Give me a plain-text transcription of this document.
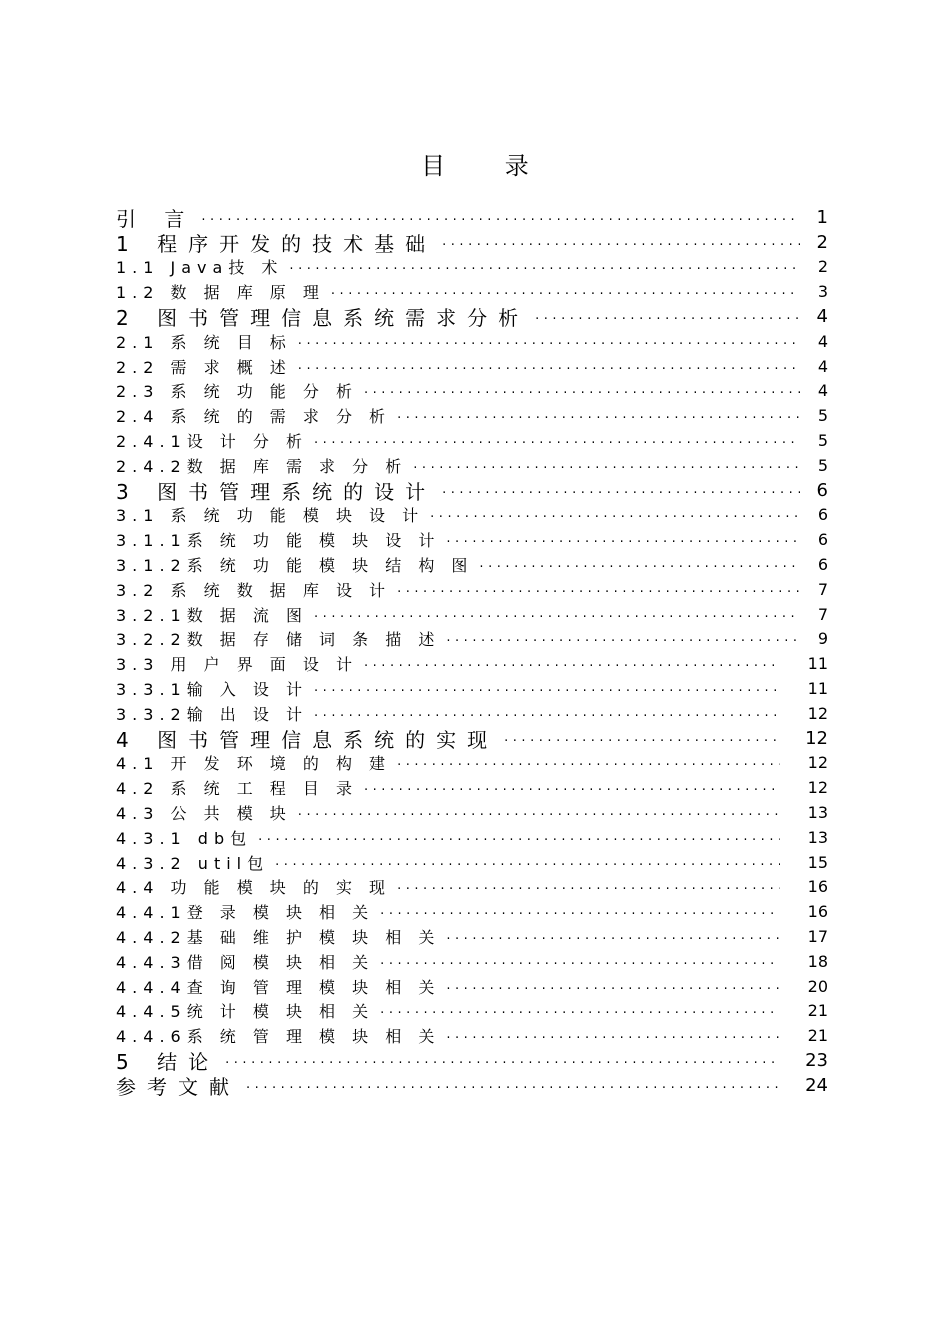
目 录
引 言 . . .	1
1 程序开发的技术基础 . . .	2
1.1 Java技 术 . . .	2
1.2 数 据 库 原 理 . . .	3
2 图书管理信息系统需求分析 . . .	4
2.1 系 统 目 标 . . .	4
2.2 需 求 概 述 . . .	4
2.3 系 统 功 能 分 析 . . .	4
2.4 系 统 的 需 求 分 析 . . .	5
2.4.1设 计 分 析 . . .	5
2.4.2数 据 库 需 求 分 析 . . .	5
3 图书管理系统的设计 . . .	6
3.1 系 统 功 能 模 块 设 计 . . .	6
3.1.1系 统 功 能 模 块 设 计 . . .	6
3.1.2系 统 功 能 模 块 结 构 图 . . .	6
3.2 系 统 数 据 库 设 计 . . .	7
3.2.1数 据 流 图 . . .	7
3.2.2数 据 存 储 词 条 描 述 . . .	9
3.3 用 户 界 面 设 计 . . .	11
3.3.1输 入 设 计 . . .	11
3.3.2输 出 设 计 . . .	12
4 图书管理信息系统的实现 . . .	12
4.1 开 发 环 境 的 构 建 . . .	12
4.2 系 统 工 程 目 录 . . .	12
4.3 公 共 模 块 . . .	13
4.3.1 db包 . . .	13
4.3.2 util包 . . .	15
4.4 功 能 模 块 的 实 现 . . .	16
4.4.1登 录 模 块 相 关 . . .	16
4.4.2基 础 维 护 模 块 相 关 . . .	17
4.4.3借 阅 模 块 相 关 . . .	18
4.4.4查 询 管 理 模 块 相 关 . . .	20
4.4.5统 计 模 块 相 关 . . .	21
4.4.6系 统 管 理 模 块 相 关 . . .	21
5 结论 . . .	23
参考文献 . . .	24
